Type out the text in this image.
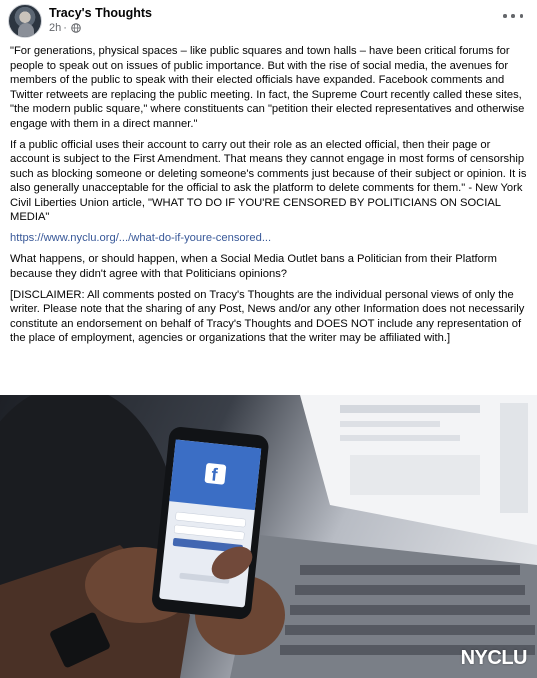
Tracy's Thoughts
2h ·

"For generations, physical spaces – like public squares and town halls – have been critical forums for people to speak out on issues of public importance. But with the rise of social media, the avenues for members of the public to speak with their elected officials have expanded. Facebook comments and Twitter retweets are replacing the public meeting. In fact, the Supreme Court recently called these sites, "the modern public square," where constituents can "petition their elected representatives and otherwise engage with them in a direct manner."

If a public official uses their account to carry out their role as an elected official, then their page or account is subject to the First Amendment. That means they cannot engage in most forms of censorship such as blocking someone or deleting someone's comments just because of their subject or opinion. It is also generally unacceptable for the official to ask the platform to delete comments for them." - New York Civil Liberties Union article, "WHAT TO DO IF YOU'RE CENSORED BY POLITICIANS ON SOCIAL MEDIA"

https://www.nyclu.org/.../what-do-if-youre-censored...

What happens, or should happen, when a Social Media Outlet bans a Politician from their Platform because they didn't agree with that Politicians opinions?

[DISCLAIMER: All comments posted on Tracy's Thoughts are the individual personal views of only the writer. Please note that the sharing of any Post, News and/or any other Information does not necessarily constitute an endorsement on behalf of Tracy's Thoughts and DOES NOT include any representation of the place of employment, agencies or organizations that the writer may be affiliated with.]

f
NYCLU
